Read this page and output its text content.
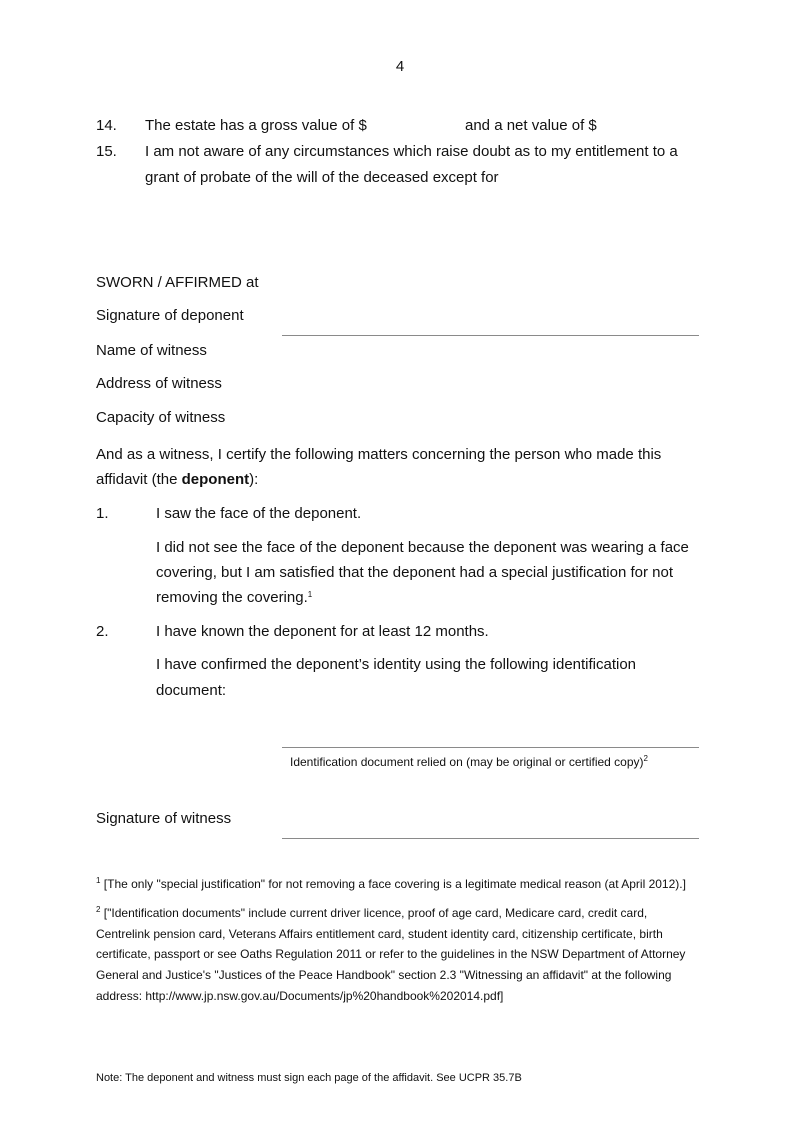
4
14. The estate has a gross value of $	and a net value of $
15. I am not aware of any circumstances which raise doubt as to my entitlement to a
grant of probate of the will of the deceased except for
SWORN / AFFIRMED at
Signature of deponent
Name of witness
Address of witness
Capacity of witness
And as a witness, I certify the following matters concerning the person who made this
affidavit (the deponent):
1.	I saw the face of the deponent.
I did not see the face of the deponent because the deponent was wearing a face
covering, but I am satisfied that the deponent had a special justification for not
removing the covering.$^1$
2.	I have known the deponent for at least 12 months.
I have confirmed the deponent’s identity using the following identification
document:
Identification document relied on (may be original or certified copy)$^2$
Signature of witness
$^1$ [The only "special justification" for not removing a face covering is a legitimate medical reason (at April 2012).]
$^2$ ["Identification documents" include current driver licence, proof of age card, Medicare card, credit card,
Centrelink pension card, Veterans Affairs entitlement card, student identity card, citizenship certificate, birth
certificate, passport or see Oaths Regulation 2011 or refer to the guidelines in the NSW Department of Attorney
General and Justice's "Justices of the Peace Handbook" section 2.3 "Witnessing an affidavit" at the following
address: http://www.jp.nsw.gov.au/Documents/jp%20handbook%202014.pdf]
Note: The deponent and witness must sign each page of the affidavit. See UCPR 35.7B
